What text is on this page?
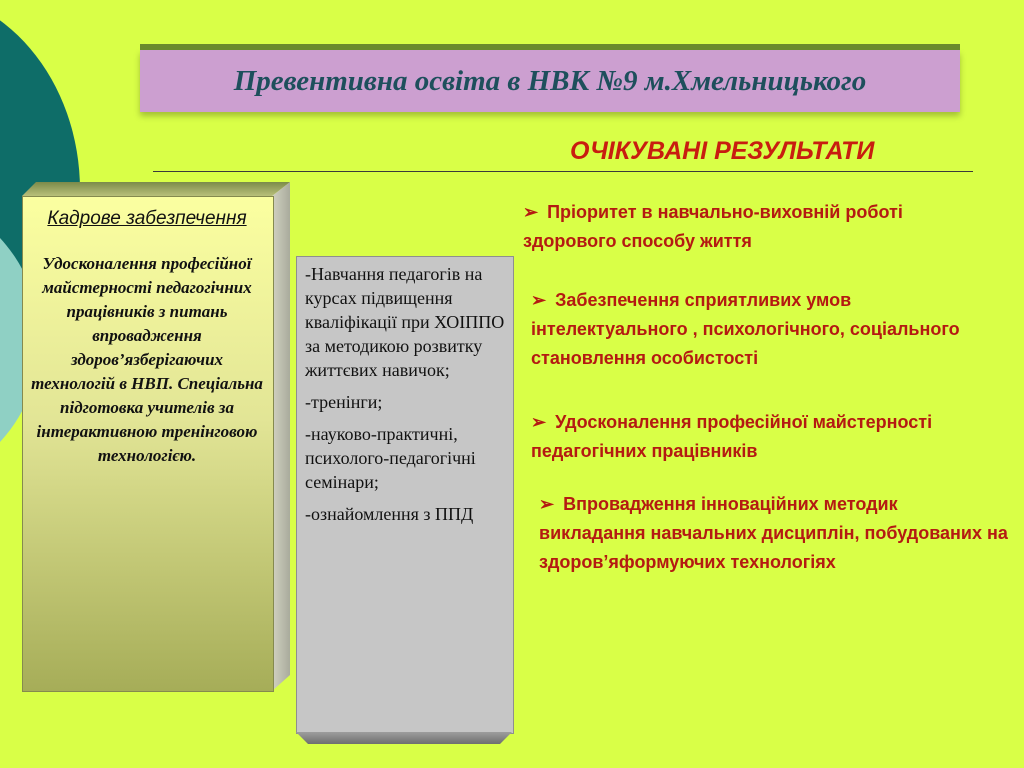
Превентивна освіта в НВК №9 м.Хмельницького
ОЧІКУВАНІ РЕЗУЛЬТАТИ
Кадрове забезпечення
Удосконалення професійної майстерності педагогічних працівників з питань впровадження здоров’язберігаючих технологій в НВП. Спеціальна підготовка учителів за інтерактивною тренінговою технологією.
-Навчання педагогів на курсах підвищення кваліфікації при ХОІППО за методикою розвитку життєвих навичок;
-тренінги;
-науково-практичні, психолого-педагогічні семінари;
-ознайомлення з ППД
➢ Пріоритет в навчально-виховній роботі здорового способу життя
➢ Забезпечення сприятливих умов інтелектуального , психологічного, соціального становлення особистості
➢ Удосконалення професійної майстерності педагогічних працівників
➢ Впровадження інноваційних методик викладання навчальних дисциплін, побудованих на здоров’яформуючих технологіях
